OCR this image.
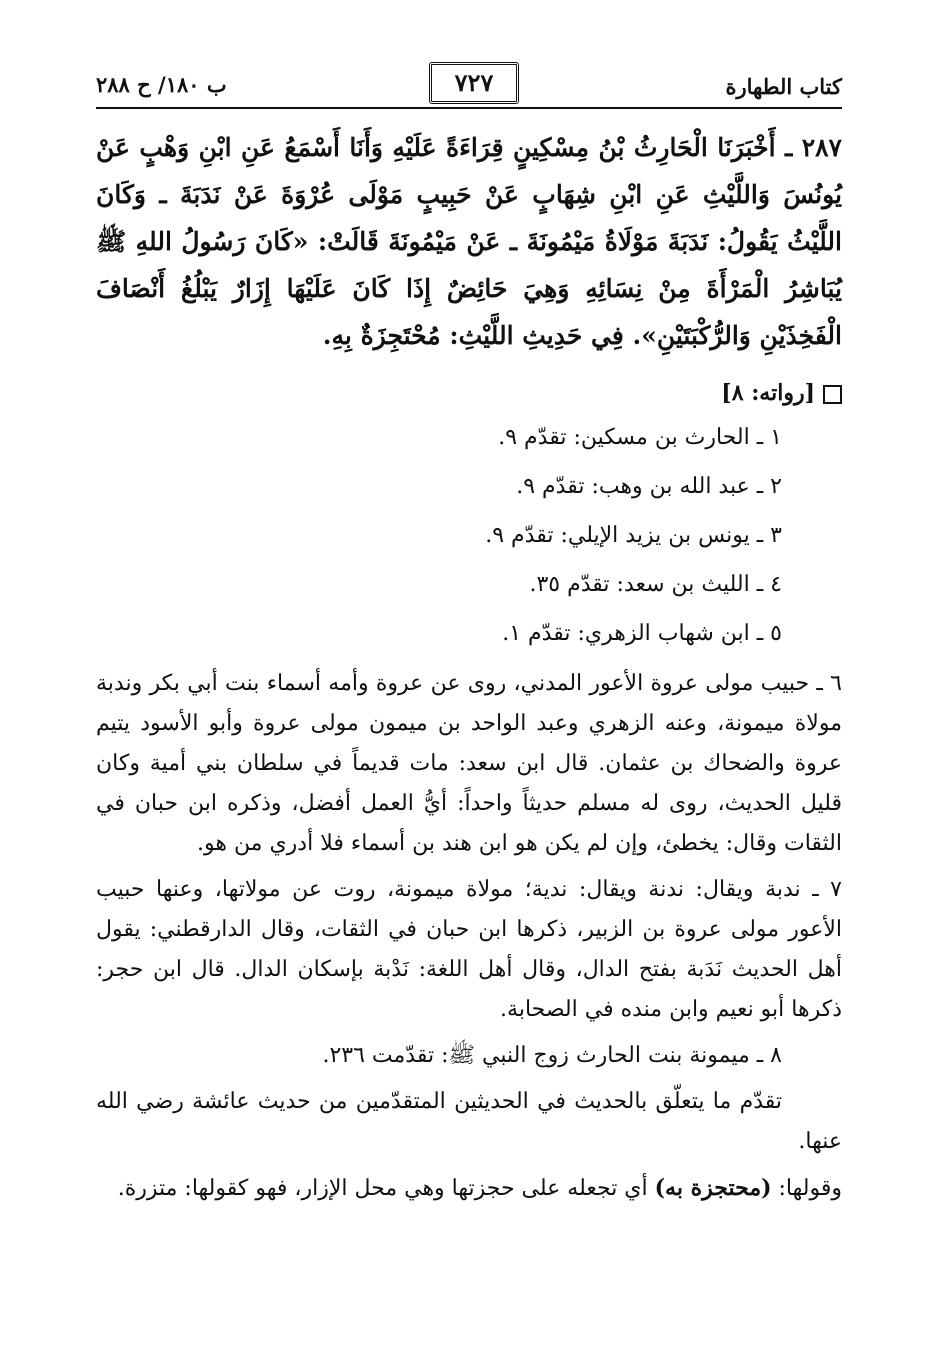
ب ١٨٠/ ح ٢٨٨	٧٢٧	كتاب الطهارة

٢٨٧ ـ أَخْبَرَنَا الْحَارِثُ بْنُ مِسْكِينٍ قِرَاءَةً عَلَيْهِ وَأَنَا أَسْمَعُ عَنِ ابْنِ وَهْبٍ عَنْ يُونُسَ وَاللَّيْثِ عَنِ ابْنِ شِهَابٍ عَنْ حَبِيبٍ مَوْلَى عُرْوَةَ عَنْ نَدَبَةَ ـ وَكَانَ اللَّيْثُ يَقُولُ: نَدَبَةَ مَوْلَاةُ مَيْمُونَةَ ـ عَنْ مَيْمُونَةَ قَالَتْ: «كَانَ رَسُولُ اللهِ ﷺ يُبَاشِرُ الْمَرْأَةَ مِنْ نِسَائِهِ وَهِيَ حَائِضٌ إِذَا كَانَ عَلَيْهَا إِزَارٌ يَبْلُغُ أَنْصَافَ الْفَخِذَيْنِ وَالرُّكْبَتَيْنِ». فِي حَدِيثِ اللَّيْثِ: مُحْتَجِزَةٌ بِهِ.

[رواته: ٨]
١ ـ الحارث بن مسكين: تقدّم ٩.
٢ ـ عبد الله بن وهب: تقدّم ٩.
٣ ـ يونس بن يزيد الإيلي: تقدّم ٩.
٤ ـ الليث بن سعد: تقدّم ٣٥.
٥ ـ ابن شهاب الزهري: تقدّم ١.

٦ ـ حبيب مولى عروة الأعور المدني، روى عن عروة وأمه أسماء بنت أبي بكر وندبة مولاة ميمونة، وعنه الزهري وعبد الواحد بن ميمون مولى عروة وأبو الأسود يتيم عروة والضحاك بن عثمان. قال ابن سعد: مات قديماً في سلطان بني أمية وكان قليل الحديث، روى له مسلم حديثاً واحداً: أيُّ العمل أفضل، وذكره ابن حبان في الثقات وقال: يخطئ، وإن لم يكن هو ابن هند بن أسماء فلا أدري من هو.

٧ ـ ندبة ويقال: ندنة ويقال: ندية؛ مولاة ميمونة، روت عن مولاتها، وعنها حبيب الأعور مولى عروة بن الزبير، ذكرها ابن حبان في الثقات، وقال الدارقطني: يقول أهل الحديث نَدَبة بفتح الدال، وقال أهل اللغة: نَدْبة بإسكان الدال. قال ابن حجر: ذكرها أبو نعيم وابن منده في الصحابة.

٨ ـ ميمونة بنت الحارث زوج النبي ﷺ: تقدّمت ٢٣٦.

تقدّم ما يتعلّق بالحديث في الحديثين المتقدّمين من حديث عائشة رضي الله عنها.

وقولها: (محتجزة به) أي تجعله على حجزتها وهي محل الإزار، فهو كقولها: متزرة.
